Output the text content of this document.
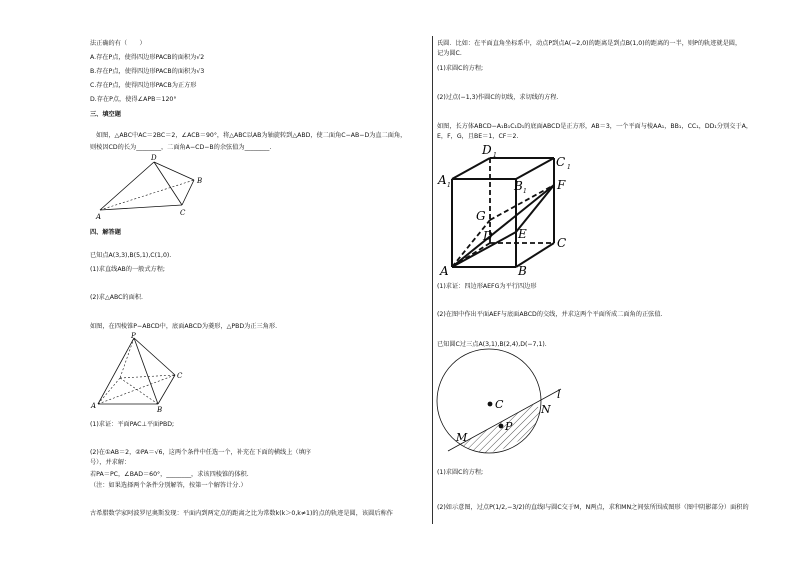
法正确的有（　　）
A.存在P点，使得四边形PACB的面积为√2
B.存在P点，使得四边形PACB的面积为√3
C.存在P点，使得四边形PACB为正方形
D.存在P点，使得∠APB＝120°
三、填空题
如图，△ABC中AC＝2BC＝2，∠ACB＝90°，将△ABC以AB为轴旋转到△ABD，使二面角C−AB−D为直二面角，
则棱因CD的长为________，二面角A−CD−B的余弦值为________.
D
B
A	C
四、解答题
已知点A(3,3),B(5,1),C(1,0).
(1)求直线AB的一般式方程;
(2)求△ABC的面积.
如图，在四棱锥P−ABCD中，底面ABCD为菱形，△PBD为正三角形.
P
C
A	B
(1)求证：平面PAC⊥平面PBD;
(2)在①AB＝2，②PA＝√6，这两个条件中任选一个，补充在下面的横线上（填序
号），并求解：
若PA＝PC，∠BAD＝60°，________，求该四棱锥的体积.
（注：如果选择两个条件分别解答，按第一个解答计分.）
古希腊数学家阿波罗尼奥斯发现：平面内到两定点的距离之比为常数k(k＞0,k≠1)的点的轨迹是圆，该圆后称作
氏圆．比如：在平面直角坐标系中，动点P到点A(−2,0)的距离是到点B(1,0)的距离的一半，则P的轨迹就是圆，
记为圆C.
(1)求圆C的方程;
(2)过点(−1,3)作圆C的切线，求切线的方程.
如图，长方体ABCD−A₁B₁C₁D₁的底面ABCD是正方形，AB＝3，一个平面与棱AA₁，BB₁，CC₁，DD₁分别交于A，
E，F，G，且BE＝1，CF＝2.
D 1	C 1
A 1	B 1	F
G
D E
C
A	B
(1)求证：四边形AEFG为平行四边形
(2)在图中作出平面AEF与底面ABCD的交线，并求这两个平面所成二面角的正弦值.
已知圆C过三点A(3,1),B(2,4),D(−7,1).
l
C	N
P
M
(1)求圆C的方程;
(2)如示意图，过点P(1/2,−3/2)的直线l与圆C交于M，N两点，求和MN之间弦所围成图形（图中阴影部分）面积的
